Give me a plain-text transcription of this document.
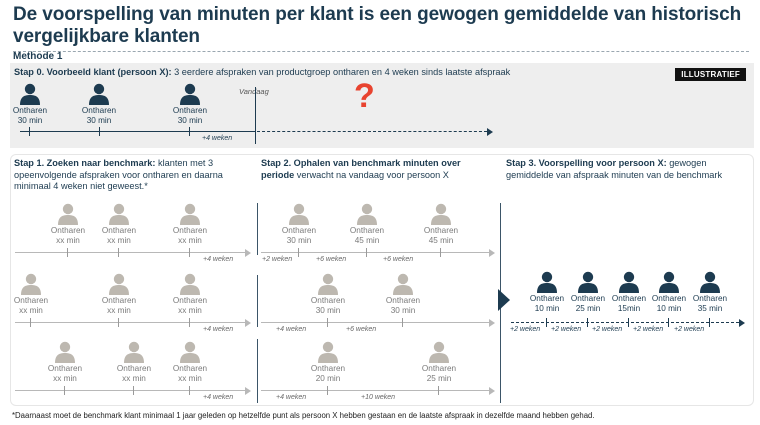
De voorspelling van minuten per klant is een gewogen gemiddelde van historisch vergelijkbare klanten
Methode 1
Stap 0. Voorbeeld klant (persoon X): 3 eerdere afspraken van productgroep ontharen en 4 weken sinds laatste afspraak	ILLUSTRATIEF
Ontharen
30 min
Ontharen
30 min
Ontharen
30 min
+4 weken
Vandaag	?
Stap 1. Zoeken naar benchmark: klanten met 3 opeenvolgende afspraken voor ontharen en daarna minimaal 4 weken niet geweest.*
Stap 2. Ophalen van benchmark minuten over
periode verwacht na vandaag voor persoon X
Stap 3. Voorspelling voor persoon X: gewogen gemiddelde van afspraak minuten van de benchmark
Ontharen
xx min
Ontharen
xx min
Ontharen
xx min
+4 weken
Ontharen
xx min
Ontharen
xx min
Ontharen
xx min
+4 weken
Ontharen
xx min
Ontharen
xx min
Ontharen
xx min
+4 weken
Ontharen
30 min
Ontharen
45 min
Ontharen
45 min
+2 weken	+6 weken	+6 weken
Ontharen
30 min
Ontharen
30 min
+4 weken	+6 weken
Ontharen
20 min
Ontharen
25 min
+4 weken	+10 weken
Ontharen
10 min
Ontharen
25 min
Ontharen
15min
Ontharen
10 min
Ontharen
35 min
+2 weken +2 weken +2 weken +2 weken +2 weken
*Daarnaast moet de benchmark klant minimaal 1 jaar geleden op hetzelfde punt als persoon X hebben gestaan en de laatste afspraak in dezelfde maand hebben gehad.
